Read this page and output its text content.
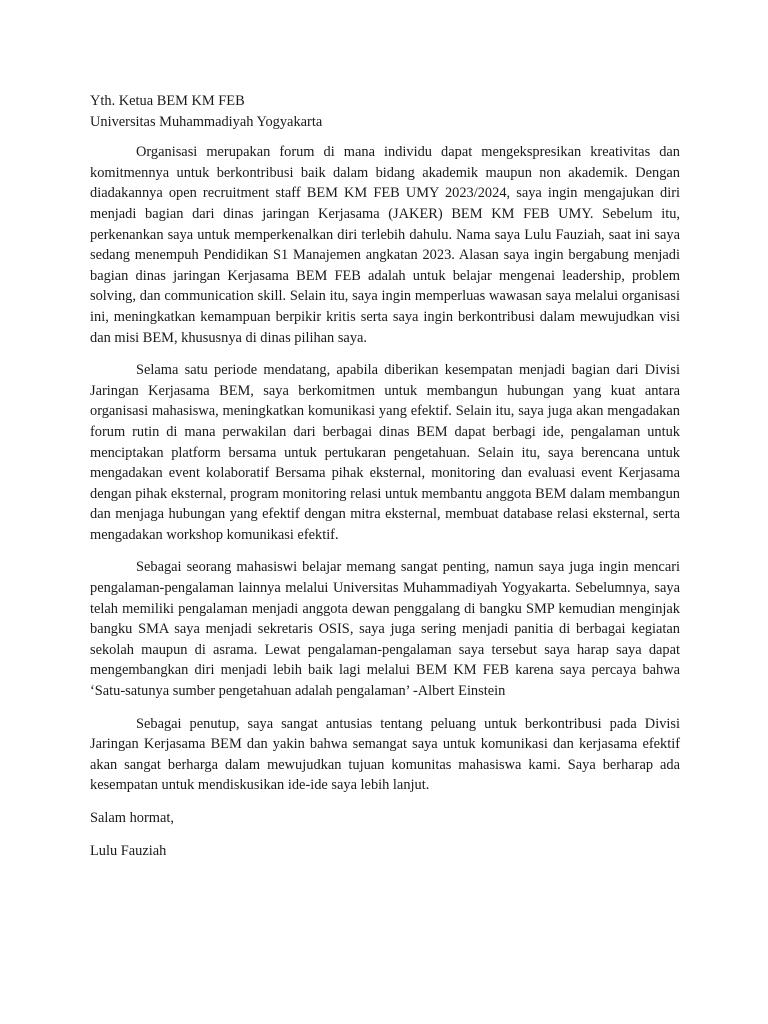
Yth. Ketua BEM KM FEB

Universitas Muhammadiyah Yogyakarta

Organisasi merupakan forum di mana individu dapat mengekspresikan kreativitas dan komitmennya untuk berkontribusi baik dalam bidang akademik maupun non akademik. Dengan diadakannya open recruitment staff BEM KM FEB UMY 2023/2024, saya ingin mengajukan diri menjadi bagian dari dinas jaringan Kerjasama (JAKER) BEM KM FEB UMY. Sebelum itu, perkenankan saya untuk memperkenalkan diri terlebih dahulu. Nama saya Lulu Fauziah, saat ini saya sedang menempuh Pendidikan S1 Manajemen angkatan 2023. Alasan saya ingin bergabung menjadi bagian dinas jaringan Kerjasama BEM FEB adalah untuk belajar mengenai leadership, problem solving, dan communication skill. Selain itu, saya ingin memperluas wawasan saya melalui organisasi ini, meningkatkan kemampuan berpikir kritis serta saya ingin berkontribusi dalam mewujudkan visi dan misi BEM, khususnya di dinas pilihan saya.

Selama satu periode mendatang, apabila diberikan kesempatan menjadi bagian dari Divisi Jaringan Kerjasama BEM, saya berkomitmen untuk membangun hubungan yang kuat antara organisasi mahasiswa, meningkatkan komunikasi yang efektif. Selain itu, saya juga akan mengadakan forum rutin di mana perwakilan dari berbagai dinas BEM dapat berbagi ide, pengalaman untuk menciptakan platform bersama untuk pertukaran pengetahuan. Selain itu, saya berencana untuk mengadakan event kolaboratif Bersama pihak eksternal, monitoring dan evaluasi event Kerjasama dengan pihak eksternal, program monitoring relasi untuk membantu anggota BEM dalam membangun dan menjaga hubungan yang efektif dengan mitra eksternal, membuat database relasi eksternal, serta mengadakan workshop komunikasi efektif.

Sebagai seorang mahasiswi belajar memang sangat penting, namun saya juga ingin mencari pengalaman-pengalaman lainnya melalui Universitas Muhammadiyah Yogyakarta. Sebelumnya, saya telah memiliki pengalaman menjadi anggota dewan penggalang di bangku SMP kemudian menginjak bangku SMA saya menjadi sekretaris OSIS, saya juga sering menjadi panitia di berbagai kegiatan sekolah maupun di asrama. Lewat pengalaman-pengalaman saya tersebut saya harap saya dapat mengembangkan diri menjadi lebih baik lagi melalui BEM KM FEB karena saya percaya bahwa ‘Satu-satunya sumber pengetahuan adalah pengalaman’ -Albert Einstein

Sebagai penutup, saya sangat antusias tentang peluang untuk berkontribusi pada Divisi Jaringan Kerjasama BEM dan yakin bahwa semangat saya untuk komunikasi dan kerjasama efektif akan sangat berharga dalam mewujudkan tujuan komunitas mahasiswa kami. Saya berharap ada kesempatan untuk mendiskusikan ide-ide saya lebih lanjut.

Salam hormat,

Lulu Fauziah
